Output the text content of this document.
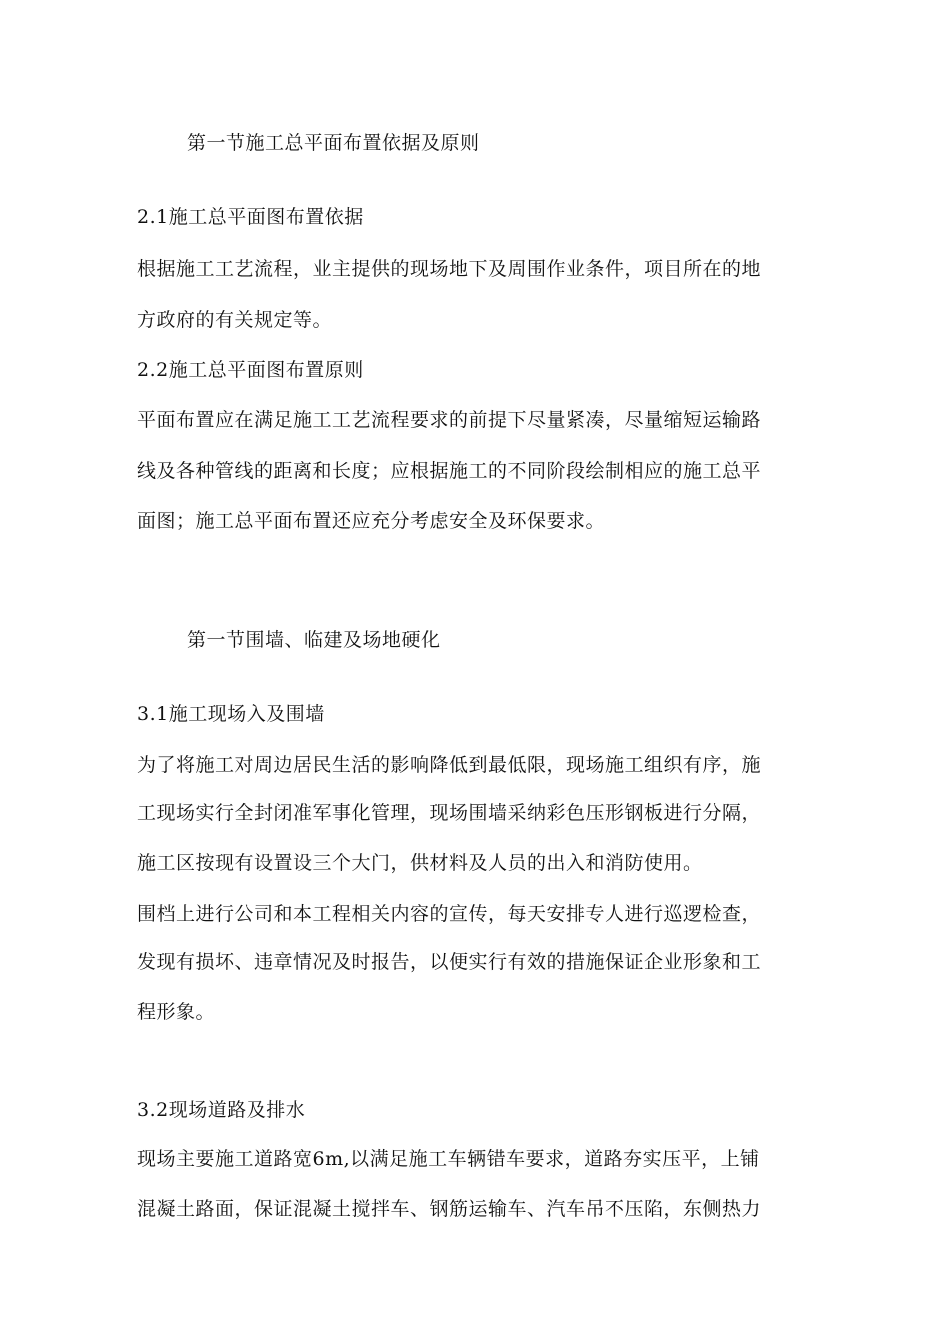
第一节施工总平面布置依据及原则
2.1施工总平面图布置依据
根据施工工艺流程，业主提供的现场地下及周围作业条件，项目所在的地
方政府的有关规定等。
2.2施工总平面图布置原则
平面布置应在满足施工工艺流程要求的前提下尽量紧凑，尽量缩短运输路
线及各种管线的距离和长度；应根据施工的不同阶段绘制相应的施工总平
面图；施工总平面布置还应充分考虑安全及环保要求。
第一节围墙、临建及场地硬化
3.1施工现场入及围墙
为了将施工对周边居民生活的影响降低到最低限，现场施工组织有序，施
工现场实行全封闭准军事化管理，现场围墙采纳彩色压形钢板进行分隔，
施工区按现有设置设三个大门，供材料及人员的出入和消防使用。
围档上进行公司和本工程相关内容的宣传，每天安排专人进行巡逻检查，
发现有损坏、违章情况及时报告，以便实行有效的措施保证企业形象和工
程形象。
3.2现场道路及排水
现场主要施工道路宽6m,以满足施工车辆错车要求，道路夯实压平，上铺
混凝土路面，保证混凝土搅拌车、钢筋运输车、汽车吊不压陷，东侧热力
